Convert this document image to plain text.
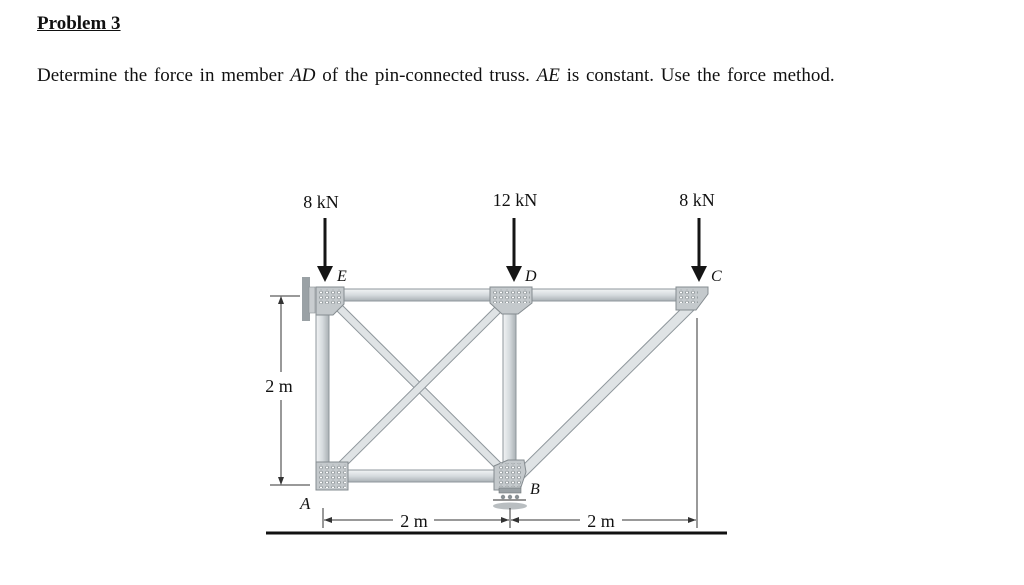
Problem 3
Determine the force in member AD of the pin-connected truss. AE is constant. Use the force method.
8 kN	12 kN	8 kN
E	D	C
A
B
2 m
2 m	2 m
